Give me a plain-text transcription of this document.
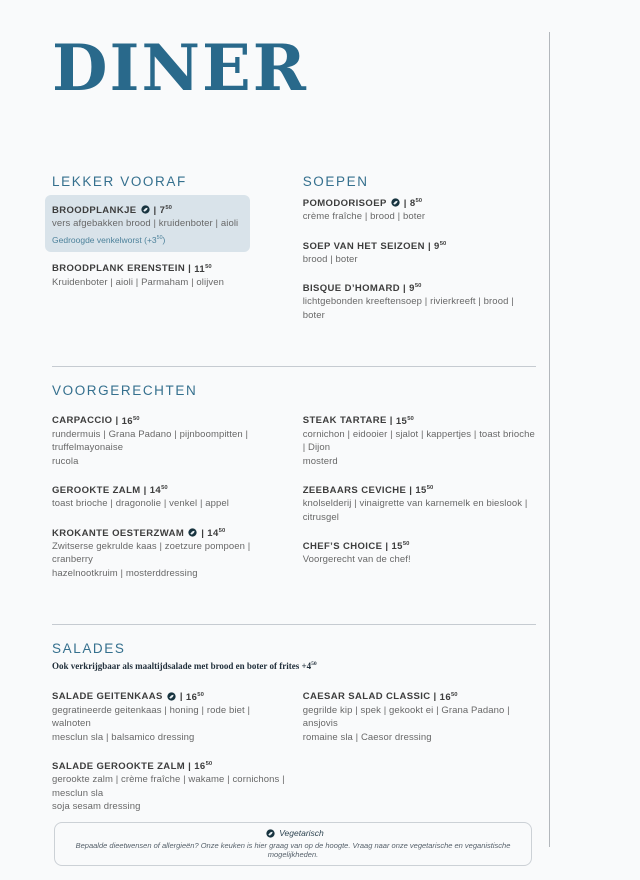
DINER
LEKKER VOORAF
BROODPLANKJE
| $7^{50}$
vers afgebakken brood | kruidenboter | aioli
Gedroogde venkelworst $(+3^{50})$
BROODPLANK ERENSTEIN | $11^{50}$
Kruidenboter | aioli | Parmaham | olijven
SOEPEN
POMODORISOEP
| $8^{50}$
crème fraîche | brood | boter
SOEP VAN HET SEIZOEN | $9^{50}$
brood | boter
BISQUE D’HOMARD | $9^{50}$
lichtgebonden kreeftensoep | rivierkreeft | brood | boter
VOORGERECHTEN
CARPACCIO | $16^{50}$
rundermuis | Grana Padano | pijnboompitten | truffelmayonaise
rucola
GEROOKTE ZALM | $14^{50}$
toast brioche | dragonolie | venkel | appel
KROKANTE OESTERZWAM
| $14^{50}$
Zwitserse gekrulde kaas | zoetzure pompoen | cranberry
hazelnootkruim | mosterddressing
STEAK TARTARE | $15^{50}$
cornichon | eidooier | sjalot | kappertjes | toast brioche | Dijon
mosterd
ZEEBAARS CEVICHE | $15^{50}$
knolselderij | vinaigrette van karnemelk en bieslook | citrusgel
CHEF’S CHOICE | $15^{50}$
Voorgerecht van de chef!
SALADES
Ook verkrijgbaar als maaltijdsalade met brood en boter of frites $+4^{50}$
SALADE GEITENKAAS
| $16^{50}$
gegratineerde geitenkaas | honing | rode biet | walnoten
mesclun sla | balsamico dressing
SALADE GEROOKTE ZALM | $16^{50}$
gerookte zalm | crème fraîche | wakame | cornichons | mesclun sla
soja sesam dressing
CAESAR SALAD CLASSIC | $16^{50}$
gegrilde kip | spek | gekookt ei | Grana Padano | ansjovis
romaine sla | Caesor dressing
Vegetarisch
Bepaalde dieetwensen of allergieën? Onze keuken is hier graag van op de hoogte. Vraag naar onze vegetarische en veganistische mogelijkheden.
